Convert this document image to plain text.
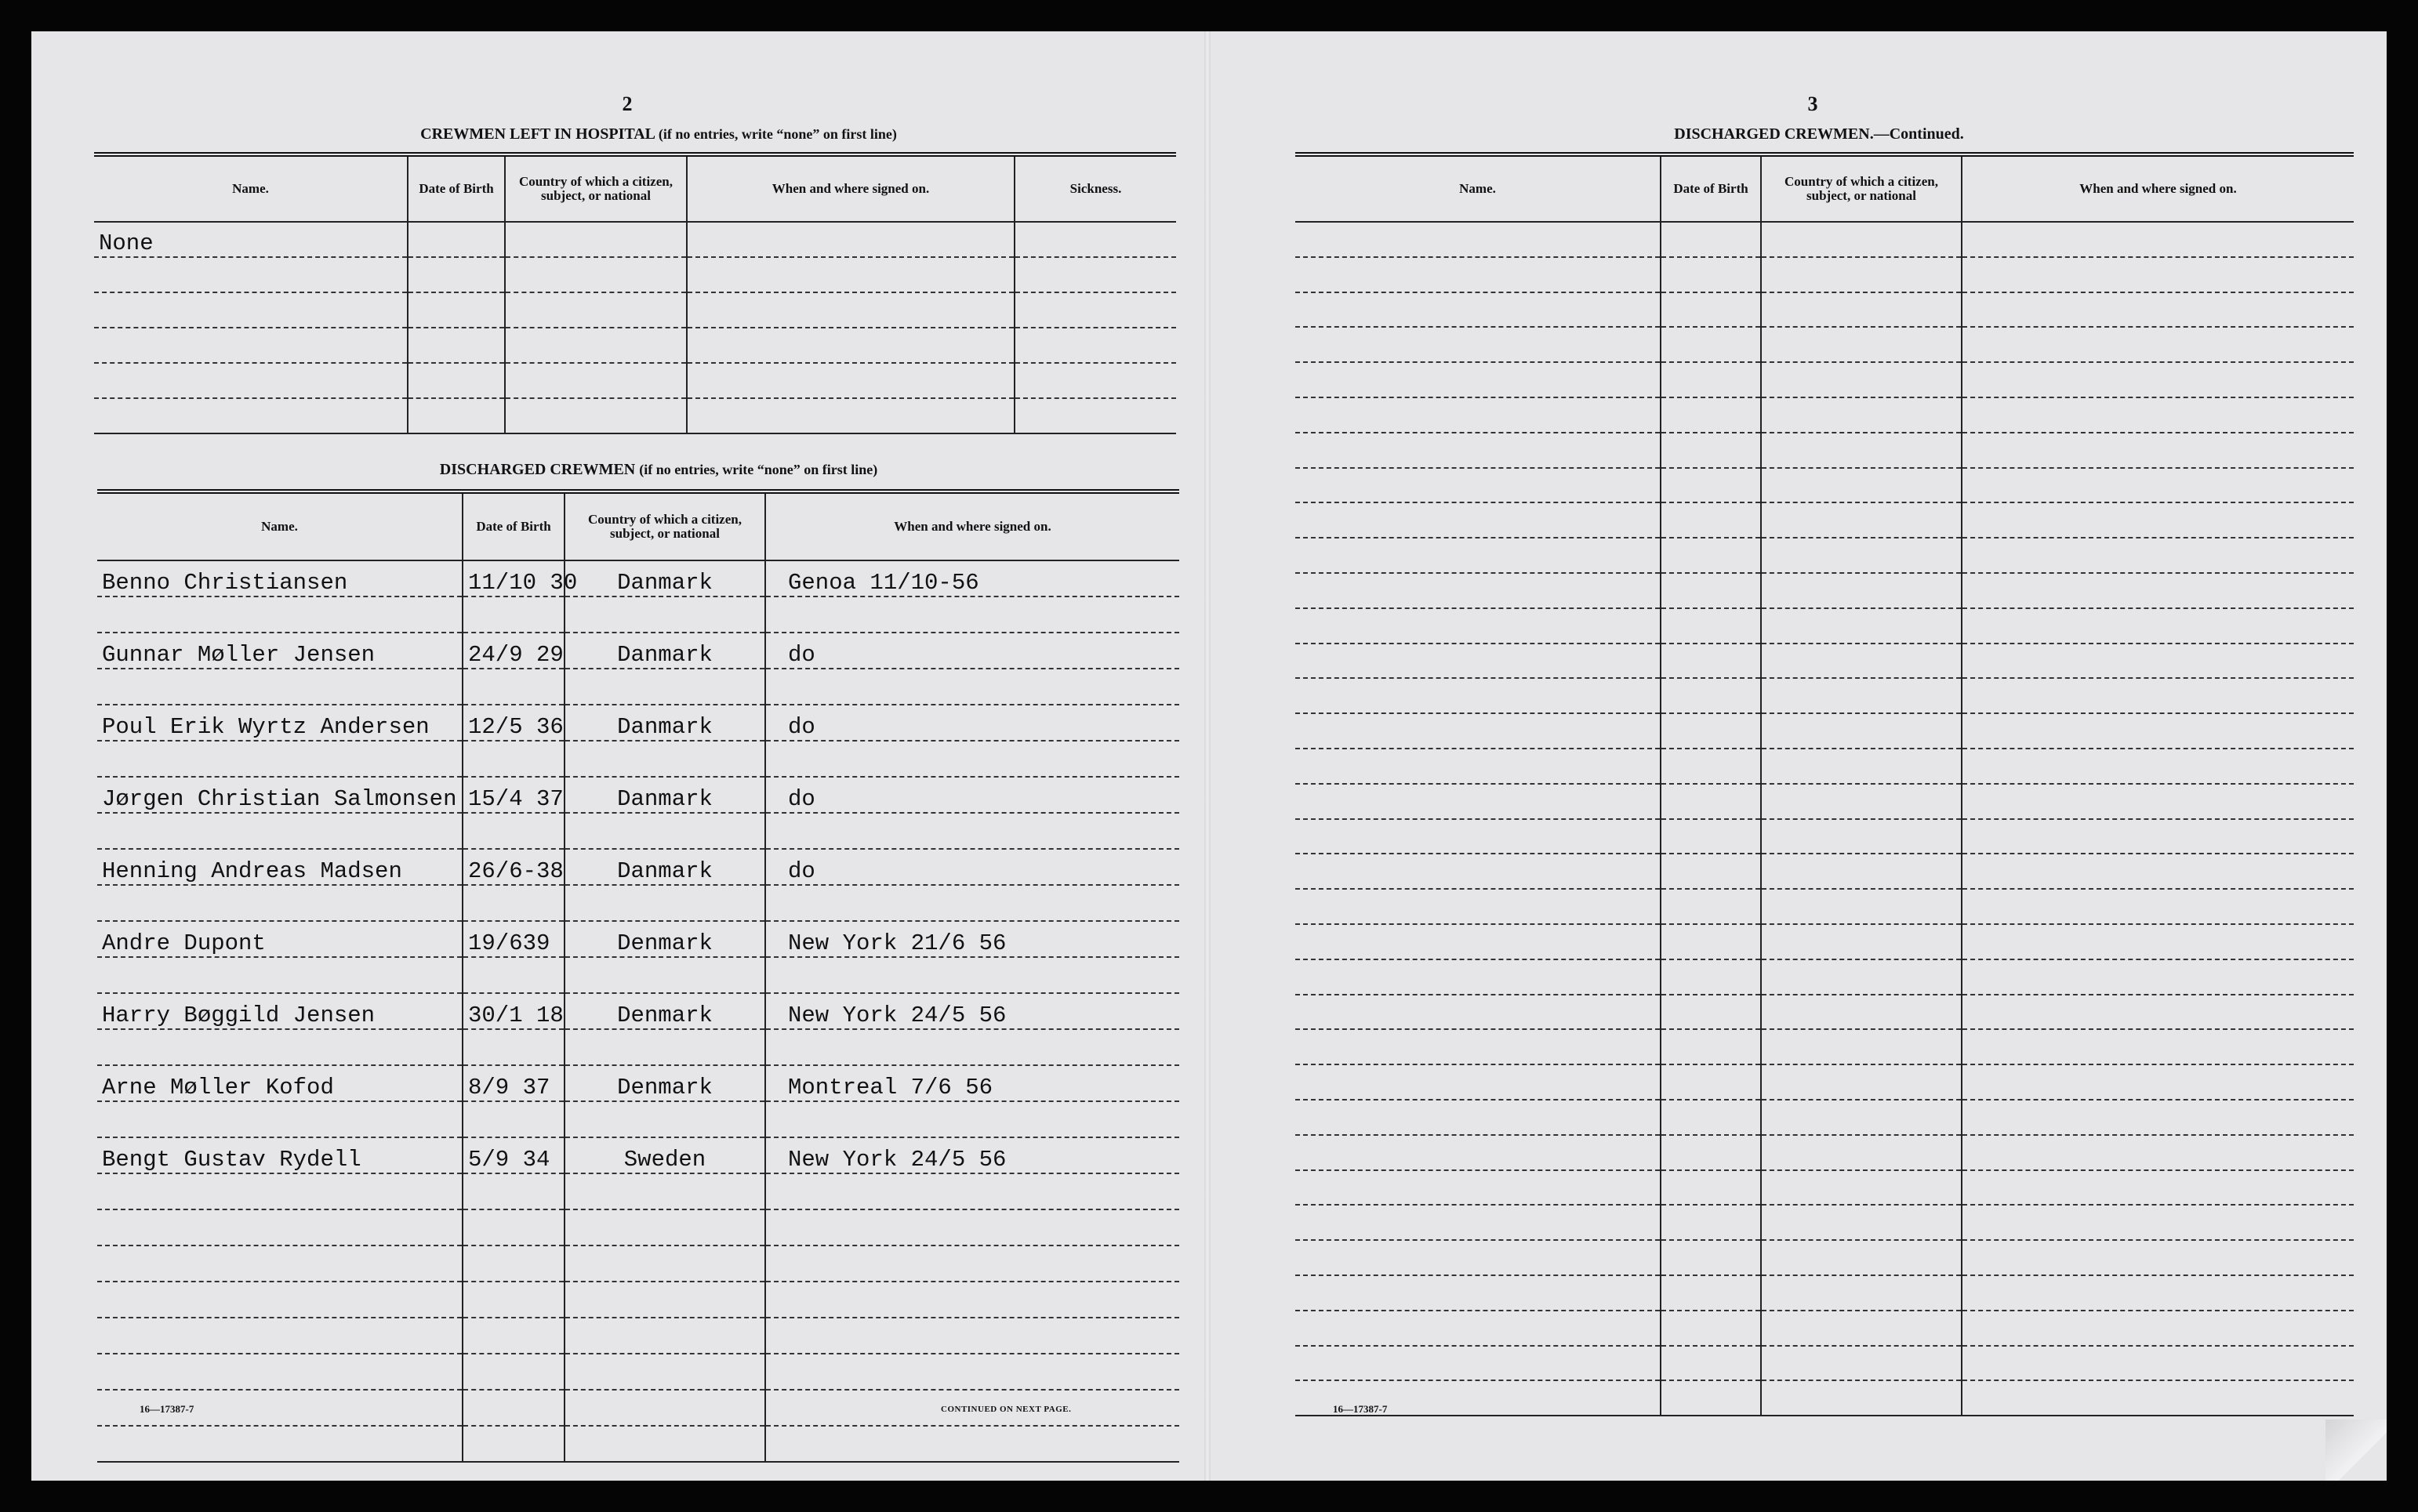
2
CREWMEN LEFT IN HOSPITAL (if no entries, write “none” on first line)
Name.	Date of Birth	Country of which a citizen, subject, or national	When and where signed on.	Sickness.
None				

DISCHARGED CREWMEN (if no entries, write “none” on first line)
Name.	Date of Birth	Country of which a citizen, subject, or national	When and where signed on.
Benno Christiansen	11/10 30	Danmark	Genoa 11/10-56

Gunnar Møller Jensen	24/9 29	Danmark	do

Poul Erik Wyrtz Andersen	12/5 36	Danmark	do

Jørgen Christian Salmonsen	15/4 37	Danmark	do

Henning Andreas Madsen	26/6-38	Danmark	do

Andre Dupont	19/639	Denmark	New York 21/6 56

Harry Bøggild Jensen	30/1 18	Denmark	New York 24/5 56

Arne Møller Kofod	8/9 37	Denmark	Montreal 7/6 56

Bengt Gustav Rydell	5/9 34	Sweden	New York 24/5 56

16—17387-7	CONTINUED ON NEXT PAGE.
3
DISCHARGED CREWMEN.—Continued.
Name.	Date of Birth	Country of which a citizen, subject, or national	When and where signed on.

16—17387-7
